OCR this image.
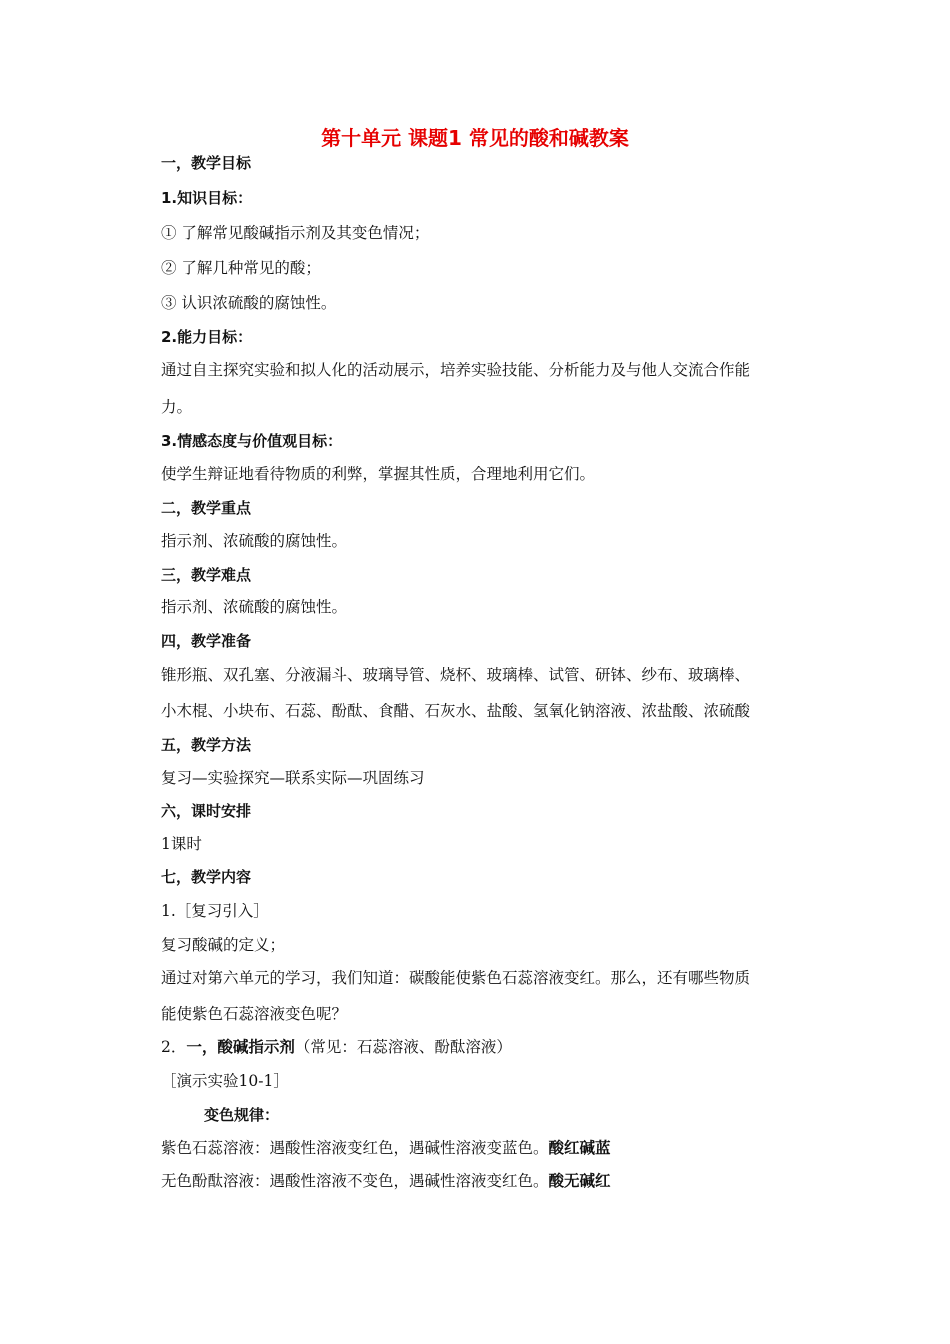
第十单元 课题1 常见的酸和碱教案
一，教学目标
1.知识目标：
① 了解常见酸碱指示剂及其变色情况；
② 了解几种常见的酸；
③ 认识浓硫酸的腐蚀性。
2.能力目标：
通过自主探究实验和拟人化的活动展示，培养实验技能、分析能力及与他人交流合作能
力。
3.情感态度与价值观目标：
使学生辩证地看待物质的利弊，掌握其性质，合理地利用它们。
二，教学重点
指示剂、浓硫酸的腐蚀性。
三，教学难点
指示剂、浓硫酸的腐蚀性。
四，教学准备
锥形瓶、双孔塞、分液漏斗、玻璃导管、烧杯、玻璃棒、试管、研钵、纱布、玻璃棒、
小木棍、小块布、石蕊、酚酞、食醋、石灰水、盐酸、氢氧化钠溶液、浓盐酸、浓硫酸
五，教学方法
复习—实验探究—联系实际—巩固练习
六，课时安排
1课时
七，教学内容
1.［复习引入］
复习酸碱的定义；
通过对第六单元的学习，我们知道：碳酸能使紫色石蕊溶液变红。那么，还有哪些物质
能使紫色石蕊溶液变色呢？
2．一，酸碱指示剂（常见：石蕊溶液、酚酞溶液）
［演示实验10-1］
变色规律：
紫色石蕊溶液：遇酸性溶液变红色，遇碱性溶液变蓝色。酸红碱蓝
无色酚酞溶液：遇酸性溶液不变色，遇碱性溶液变红色。酸无碱红
